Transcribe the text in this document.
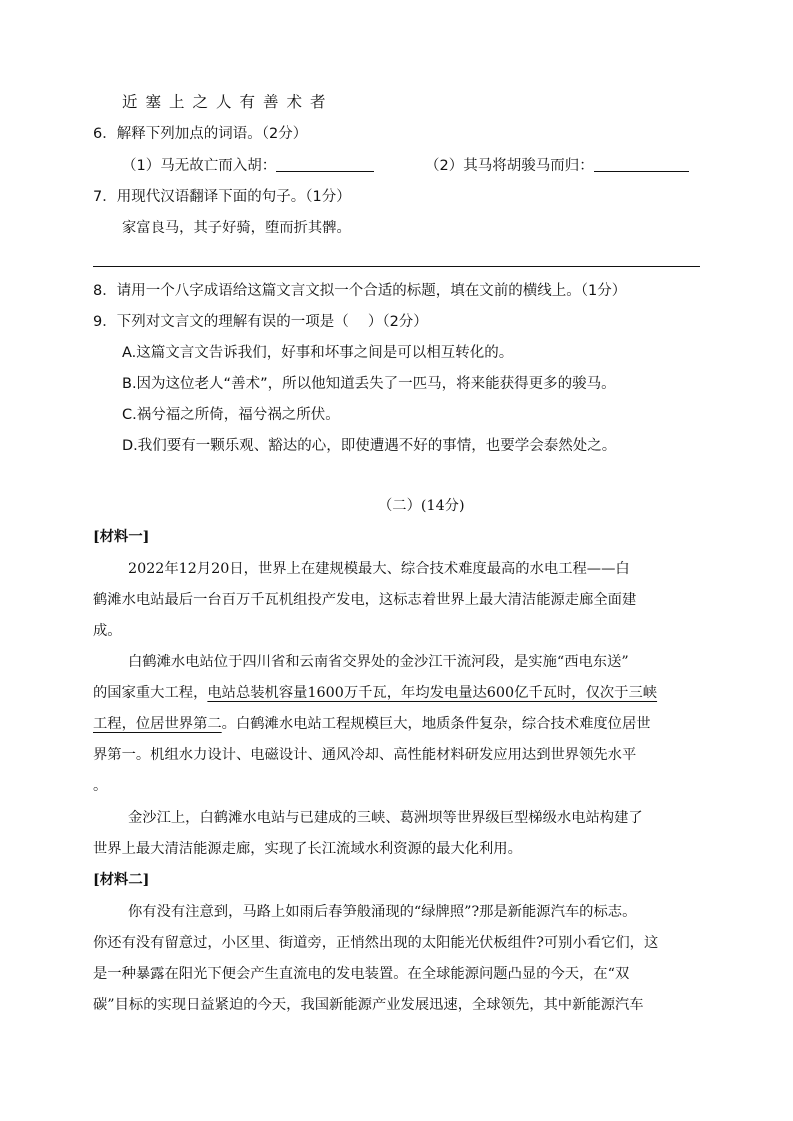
近塞上之人有善术者
6．解释下列加点的词语。（2分）
（1）马无故亡而入胡：	（2）其马将胡骏马而归：
7．用现代汉语翻译下面的句子。（1分）
家富良马，其子好骑，堕而折其髀。
8．请用一个八字成语给这篇文言文拟一个合适的标题，填在文前的横线上。（1分）
9．下列对文言文的理解有误的一项是（　 ）（2分）
A.这篇文言文告诉我们，好事和坏事之间是可以相互转化的。
B.因为这位老人“善术”，所以他知道丢失了一匹马，将来能获得更多的骏马。
C.祸兮福之所倚，福兮祸之所伏。
D.我们要有一颗乐观、豁达的心，即使遭遇不好的事情，也要学会泰然处之。
（二）(14分)
[材料一]
2022年12月20日，世界上在建规模最大、综合技术难度最高的水电工程——白
鹤滩水电站最后一台百万千瓦机组投产发电，这标志着世界上最大清洁能源走廊全面建
成。
白鹤滩水电站位于四川省和云南省交界处的金沙江干流河段，是实施“西电东送”
的国家重大工程，电站总装机容量1600万千瓦，年均发电量达600亿千瓦时，仅次于三峡
工程，位居世界第二。白鹤滩水电站工程规模巨大，地质条件复杂，综合技术难度位居世
界第一。机组水力设计、电磁设计、通风冷却、高性能材料研发应用达到世界领先水平
。
金沙江上，白鹤滩水电站与已建成的三峡、葛洲坝等世界级巨型梯级水电站构建了
世界上最大清洁能源走廊，实现了长江流域水利资源的最大化利用。
[材料二]
你有没有注意到，马路上如雨后春笋般涌现的“绿牌照”?那是新能源汽车的标志。
你还有没有留意过，小区里、街道旁，正悄然出现的太阳能光伏板组件?可别小看它们，这
是一种暴露在阳光下便会产生直流电的发电装置。在全球能源问题凸显的今天，在“双
碳”目标的实现日益紧迫的今天，我国新能源产业发展迅速，全球领先，其中新能源汽车
